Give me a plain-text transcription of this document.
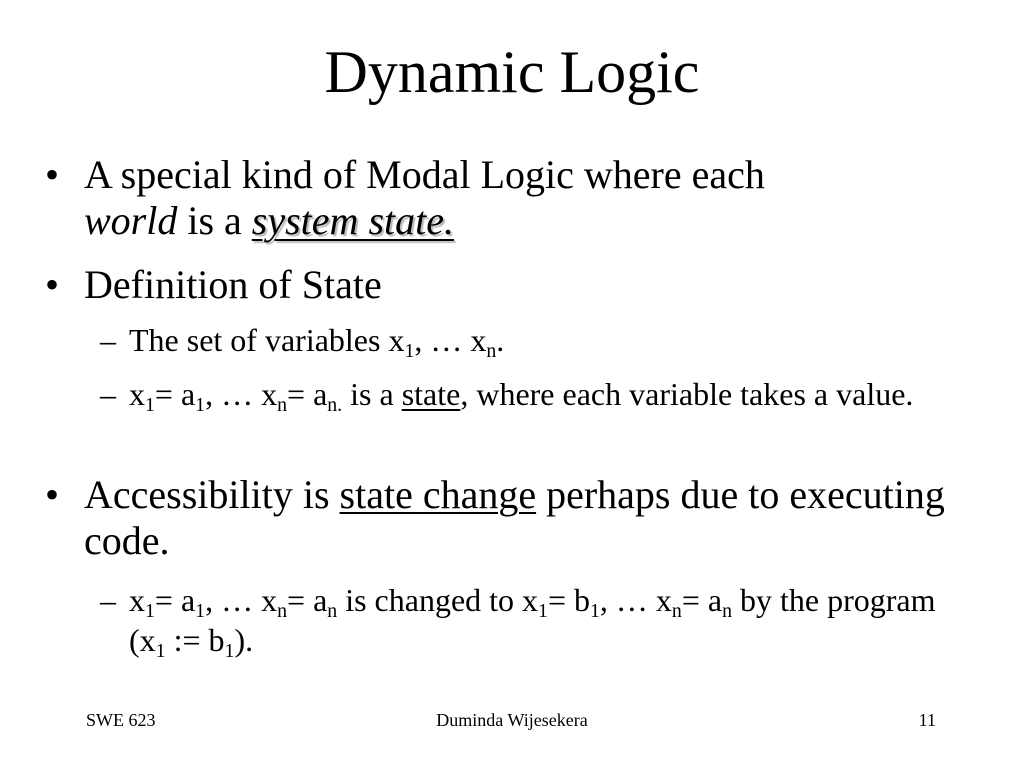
Dynamic Logic
• A special kind of Modal Logic where each
world is a system state.
• Definition of State
– The set of variables $x_1$, … $x_n$.
– $x_1= a_1$, … $x_n= a_{n.}$ is a state, where each variable takes a value.
• Accessibility is state change perhaps due to executing code.
– $x_1= a_1$, … $x_n= a_n$ is changed to $x_1= b_1$, … $x_n= a_n$ by the program ($x_1$ := $b_1$).
SWE 623	Duminda Wijesekera	11
